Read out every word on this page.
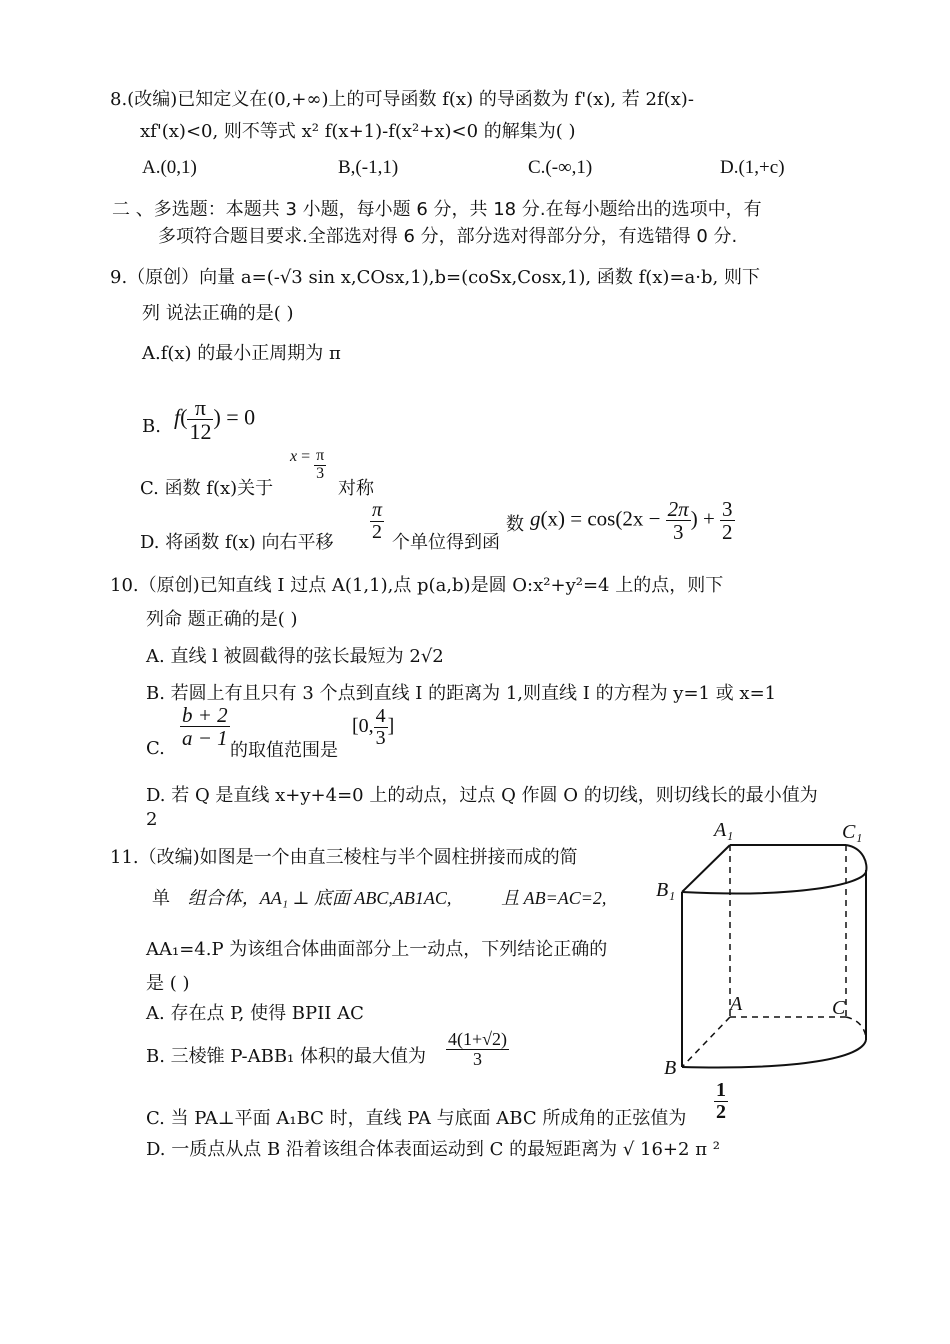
8.(改编)已知定义在(0,+∞)上的可导函数 f(x) 的导函数为 f'(x), 若 2f(x)-
xf'(x)<0, 则不等式 x² f(x+1)-f(x²+x)<0 的解集为( )
A.(0,1)	B,(-1,1)	C.(-∞,1)	D.(1,+c)
二 、多选题：本题共 3 小题，每小题 6 分，共 18 分.在每小题给出的选项中，有
多项符合题目要求.全部选对得 6 分，部分选对得部分分，有选错得 0 分.
9.（原创）向量 a=(-√3 sin x,COsx,1),b=(coSx,Cosx,1), 函数 f(x)=a·b, 则下
列 说法正确的是( )
A.f(x) 的最小正周期为 π
B. $f( \frac{\pi}{12}$ ) = 0
C. 函数 f(x)关于
$x = \frac{\pi}{3}$
对称
D. 将函数 f(x) 向右平移 $\frac{\pi}{2}$ 个单位得到函
数 $g(x) = \cos(2x - \frac{2\pi}{3}$ ) + $\frac{3}{2}$
10.（原创)已知直线 I 过点 A(1,1),点 p(a,b)是圆 O:x²+y²=4 上的点，则下
列命 题正确的是( )
A. 直线 l 被圆截得的弦长最短为 2√2
B. 若圆上有且只有 3 个点到直线 I 的距离为 1,则直线 I 的方程为 y=1 或 x=1
C. $\frac{b + 2}{a - 1}$
的取值范围是
[0, $\frac{4}{3}$ ]
D. 若 Q 是直线 x+y+4=0 上的动点，过点 Q 作圆 O 的切线，则切线长的最小值为
2
11.（改编)如图是一个由直三棱柱与半个圆柱拼接而成的简
单 组合体，AA₁ ⊥ 底面 ABC,AB1AC,	且 AB=AC=2,
AA₁=4.P 为该组合体曲面部分上一动点，下列结论正确的
是 ( )
A. 存在点 P, 使得 BPII AC
B. 三棱锥 P-ABB₁ 体积的最大值为 $\frac{4(1+√2)}{3}$
C. 当 PA⊥平面 A₁BC 时，直线 PA 与底面 ABC 所成角的正弦值为 $\frac{1}{2}$
D. 一质点从点 B 沿着该组合体表面运动到 C 的最短距离为 √ 16+2 π ²
A₁	C₁
B₁
A	C
B
